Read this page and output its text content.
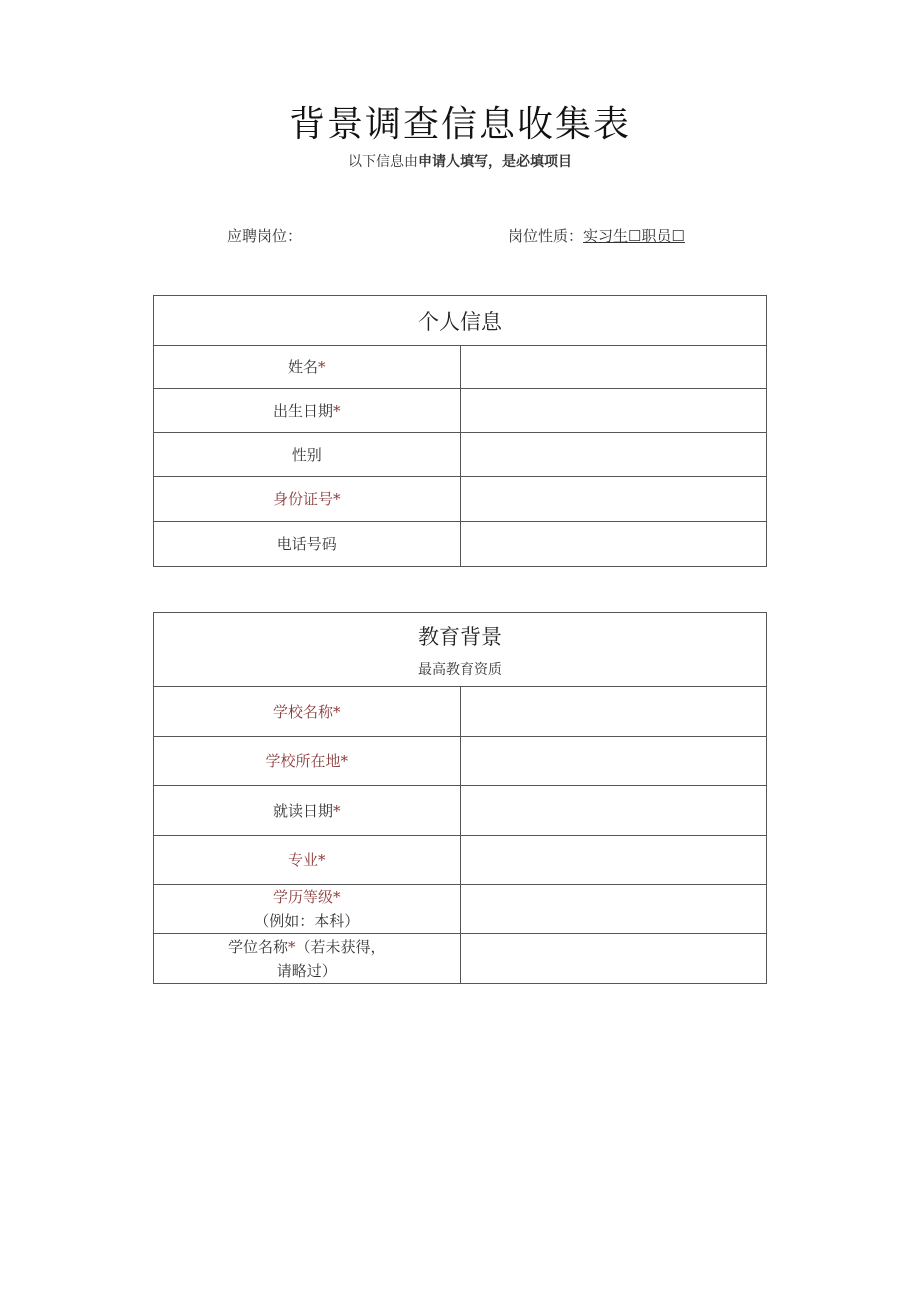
背景调查信息收集表
以下信息由申请人填写，是必填项目
应聘岗位：	岗位性质：实习生☐职员☐
个人信息	
姓名*	
出生日期*	
性别	
身份证号*	
电话号码	
教育背景
最高教育资质	

学校名称*	
学校所在地*	
就读日期*	
专业*	

学历等级*
（例如：本科）	

学位名称*（若未获得，
请略过）	
